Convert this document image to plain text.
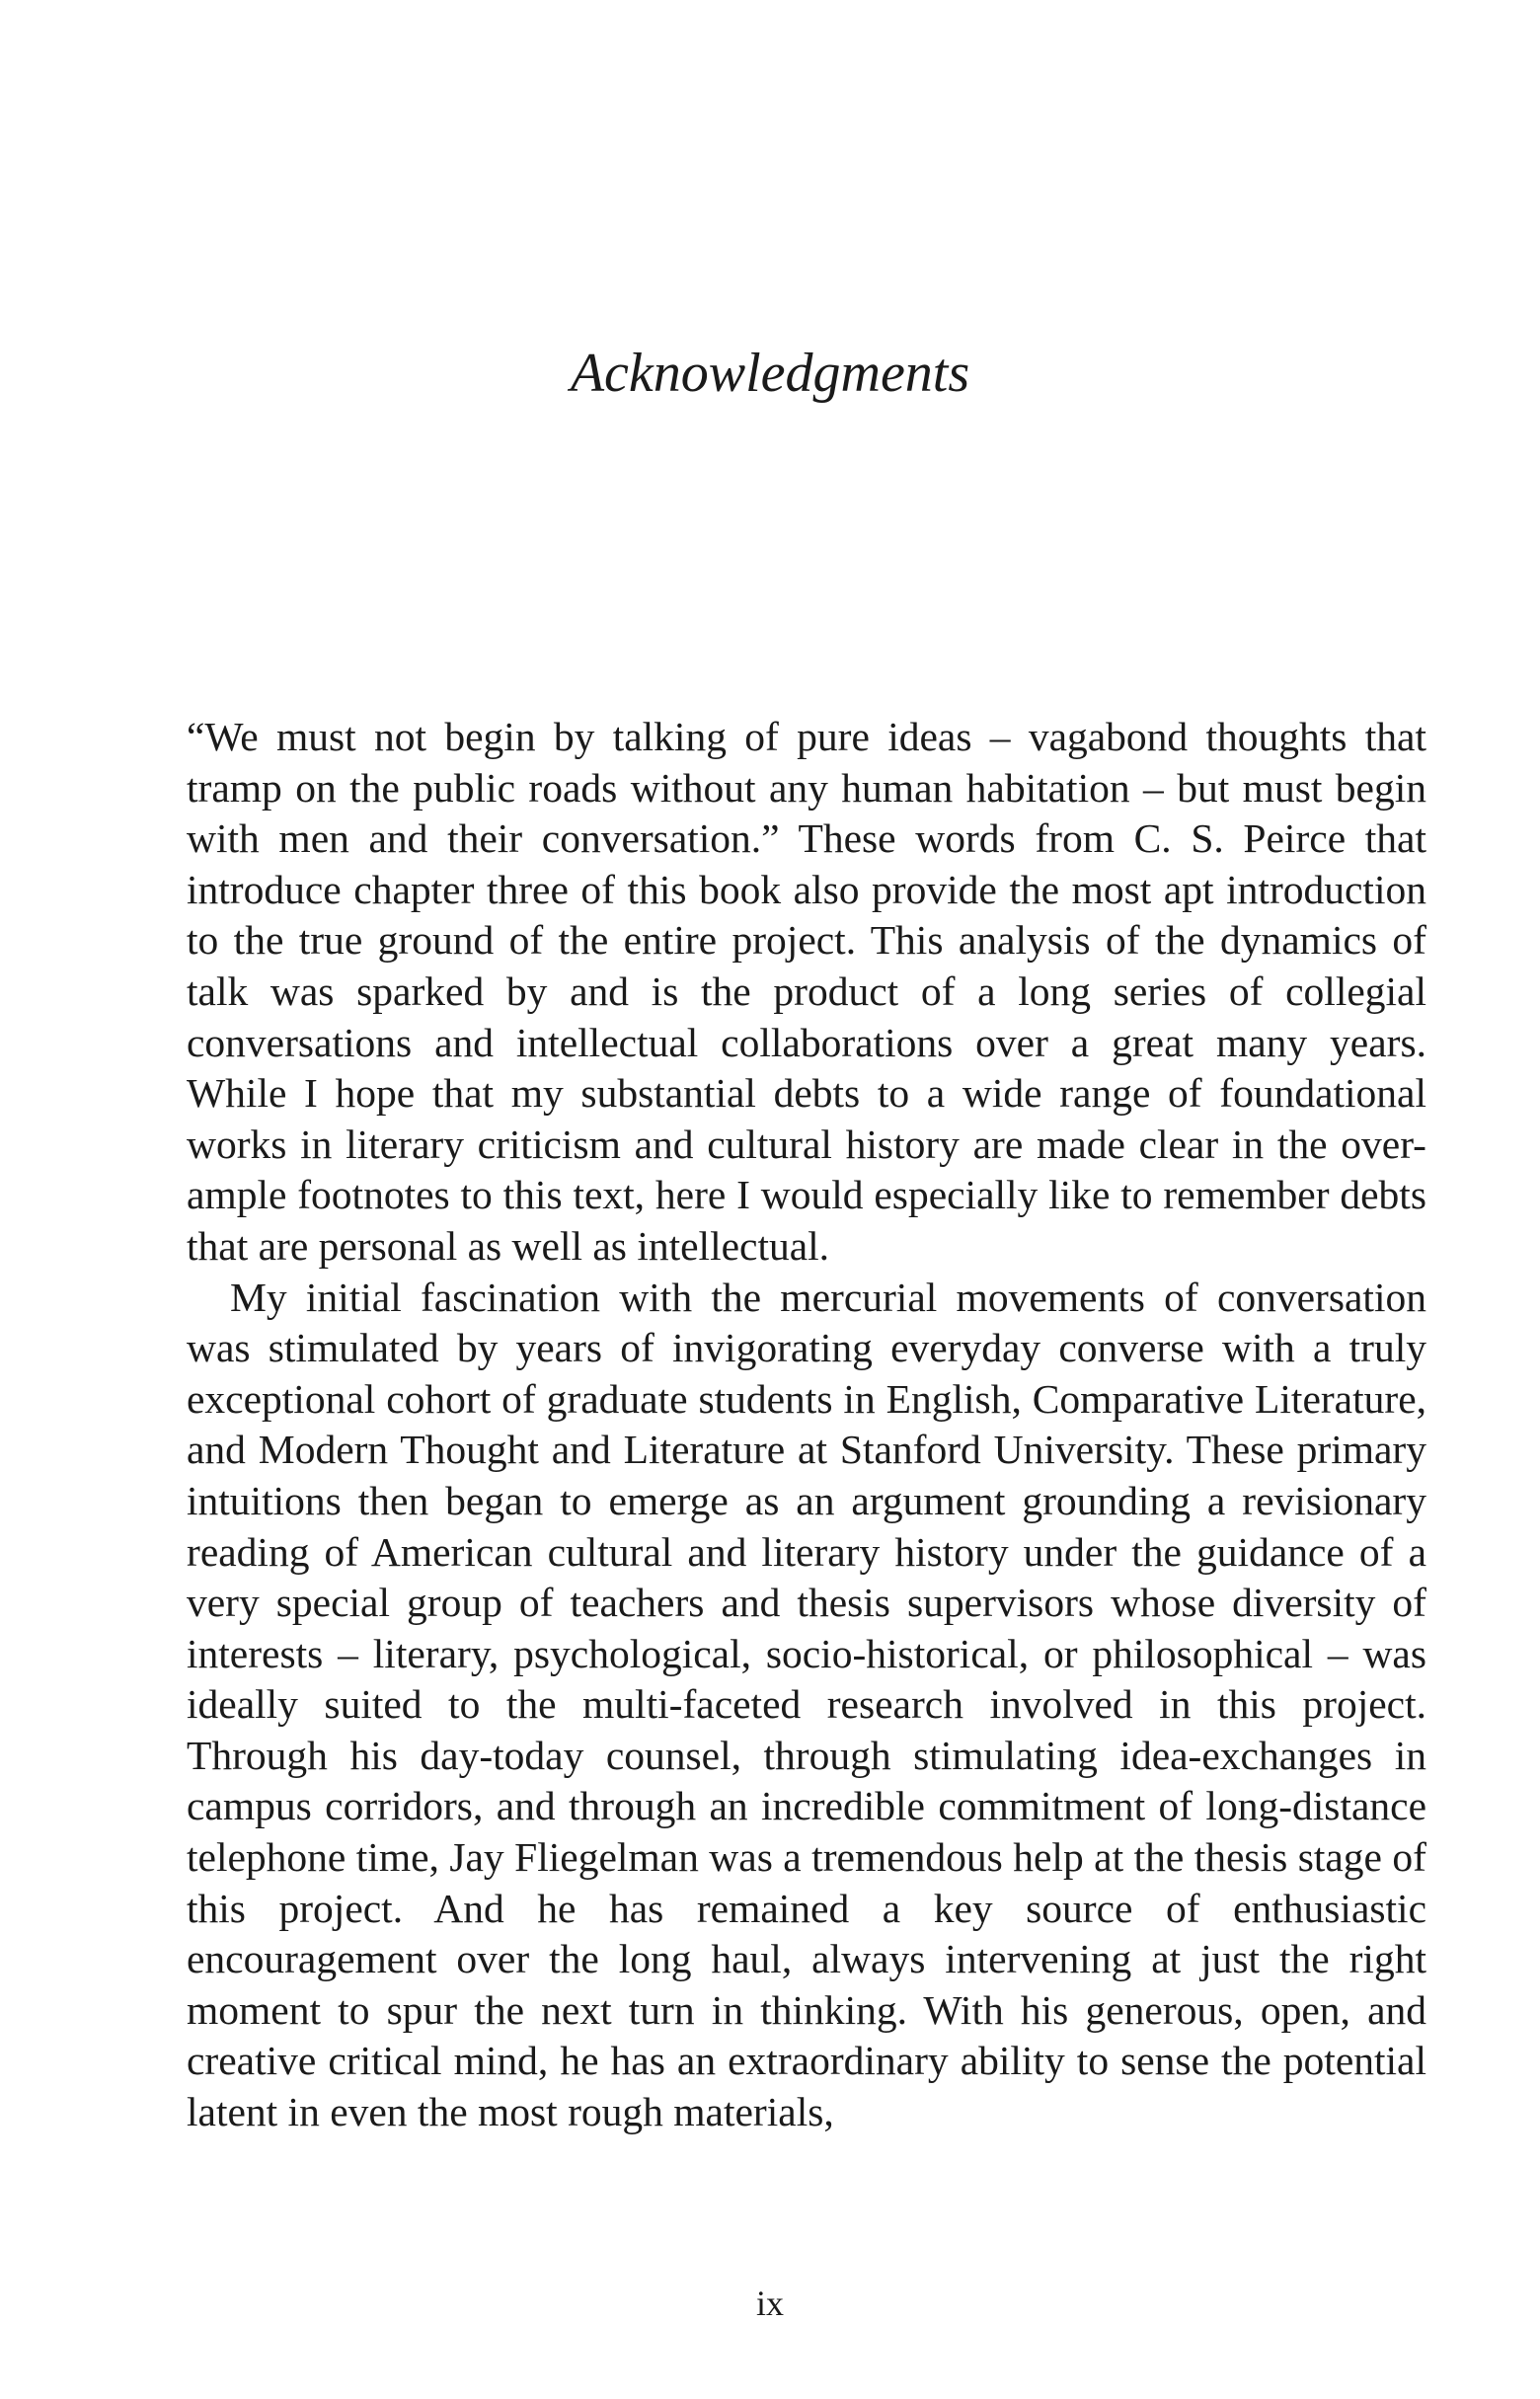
Acknowledgments

“We must not begin by talking of pure ideas – vagabond thoughts that tramp on the public roads without any human habitation – but must begin with men and their conversation.” These words from C. S. Peirce that introduce chapter three of this book also provide the most apt introduction to the true ground of the entire project. This analysis of the dynamics of talk was sparked by and is the product of a long series of collegial conversations and intellectual collaborations over a great many years. While I hope that my substantial debts to a wide range of foundational works in literary criticism and cultural history are made clear in the over-ample footnotes to this text, here I would especially like to remember debts that are personal as well as intellectual.

My initial fascination with the mercurial movements of conversation was stimulated by years of invigorating everyday converse with a truly exceptional cohort of graduate students in English, Comparative Literature, and Modern Thought and Literature at Stanford University. These primary intuitions then began to emerge as an argument grounding a revisionary reading of American cultural and literary history under the guidance of a very special group of teachers and thesis supervisors whose diversity of interests – literary, psychological, socio-historical, or philosophical – was ideally suited to the multi-faceted research involved in this project. Through his day-today counsel, through stimulating idea-exchanges in campus corridors, and through an incredible commitment of long-distance telephone time, Jay Fliegelman was a tremendous help at the thesis stage of this project. And he has remained a key source of enthusiastic encouragement over the long haul, always intervening at just the right moment to spur the next turn in thinking. With his generous, open, and creative critical mind, he has an extraordinary ability to sense the potential latent in even the most rough materials,

ix
